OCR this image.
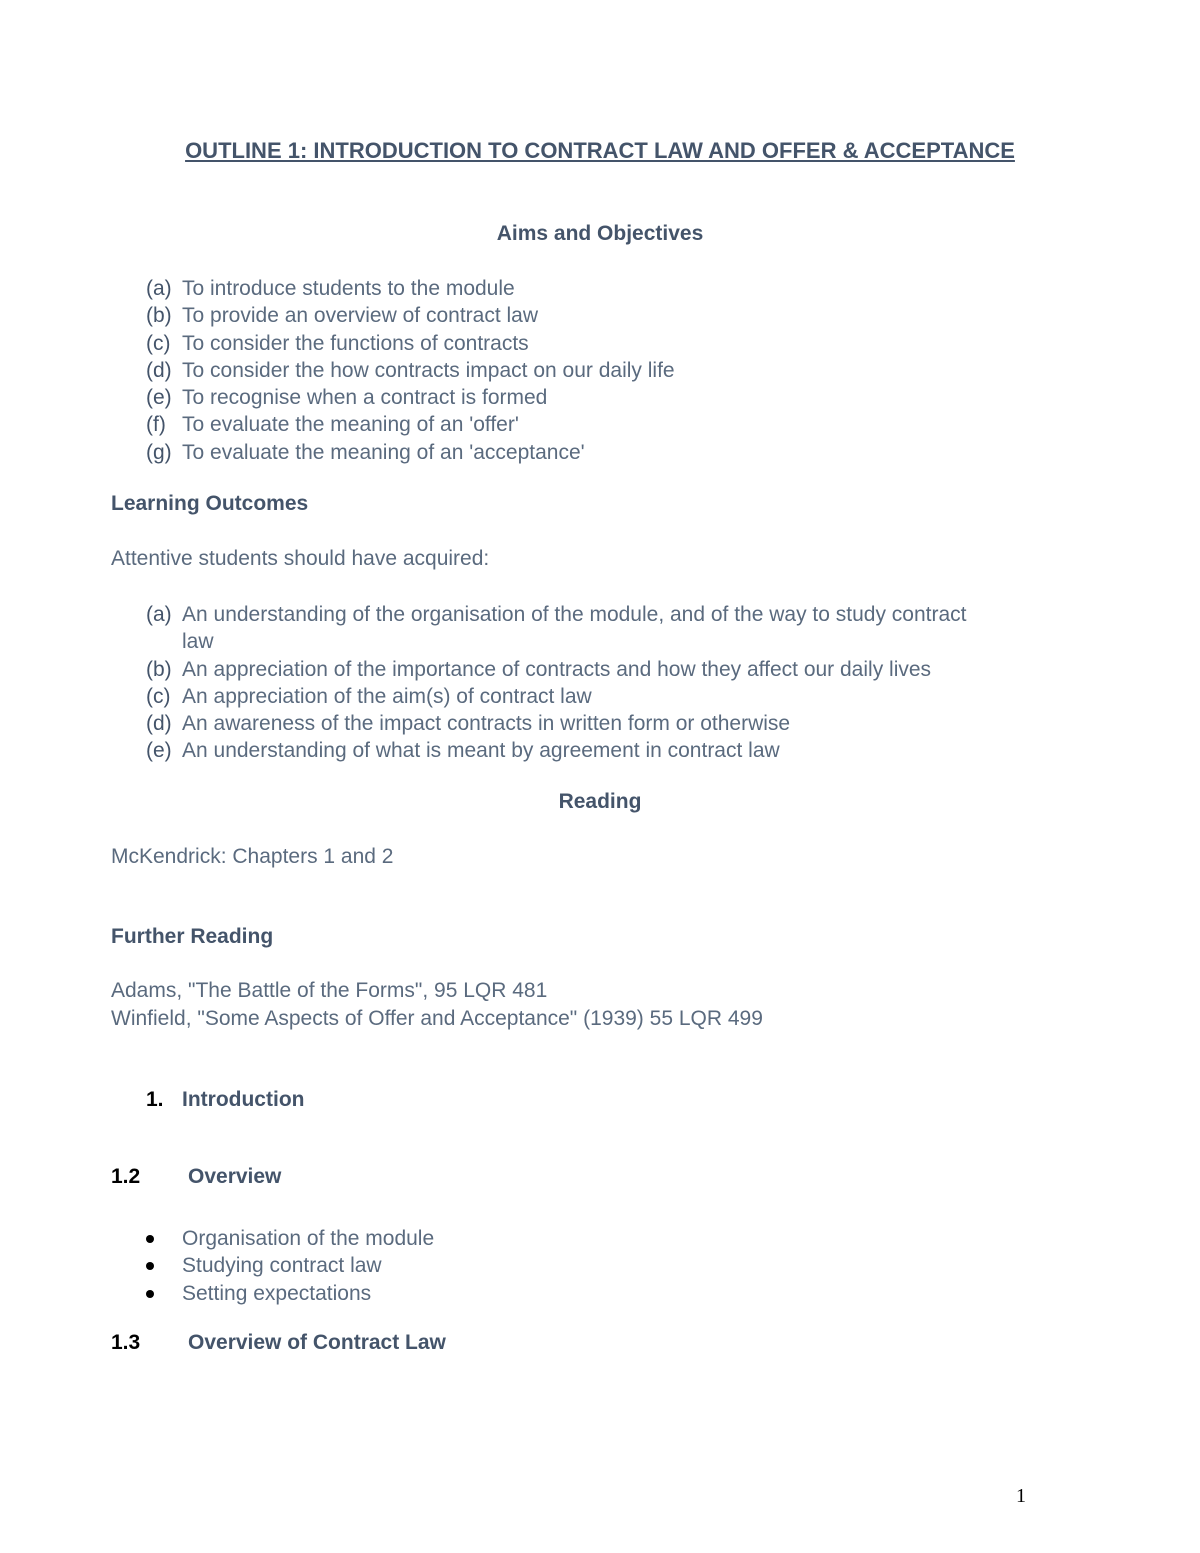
OUTLINE 1: INTRODUCTION TO CONTRACT LAW AND OFFER & ACCEPTANCE
Aims and Objectives
(a) To introduce students to the module
(b) To provide an overview of contract law
(c) To consider the functions of contracts
(d) To consider the how contracts impact on our daily life
(e) To recognise when a contract is formed
(f) To evaluate the meaning of an 'offer'
(g) To evaluate the meaning of an 'acceptance'
Learning Outcomes
Attentive students should have acquired:
(a) An understanding of the organisation of the module, and of the way to study contract
law
(b) An appreciation of the importance of contracts and how they affect our daily lives
(c) An appreciation of the aim(s) of contract law
(d) An awareness of the impact contracts in written form or otherwise
(e) An understanding of what is meant by agreement in contract law
Reading
McKendrick: Chapters 1 and 2
Further Reading
Adams, "The Battle of the Forms", 95 LQR 481
Winfield, "Some Aspects of Offer and Acceptance" (1939) 55 LQR 499
1. Introduction
1.2 Overview
Organisation of the module
Studying contract law
Setting expectations
1.3 Overview of Contract Law
1
